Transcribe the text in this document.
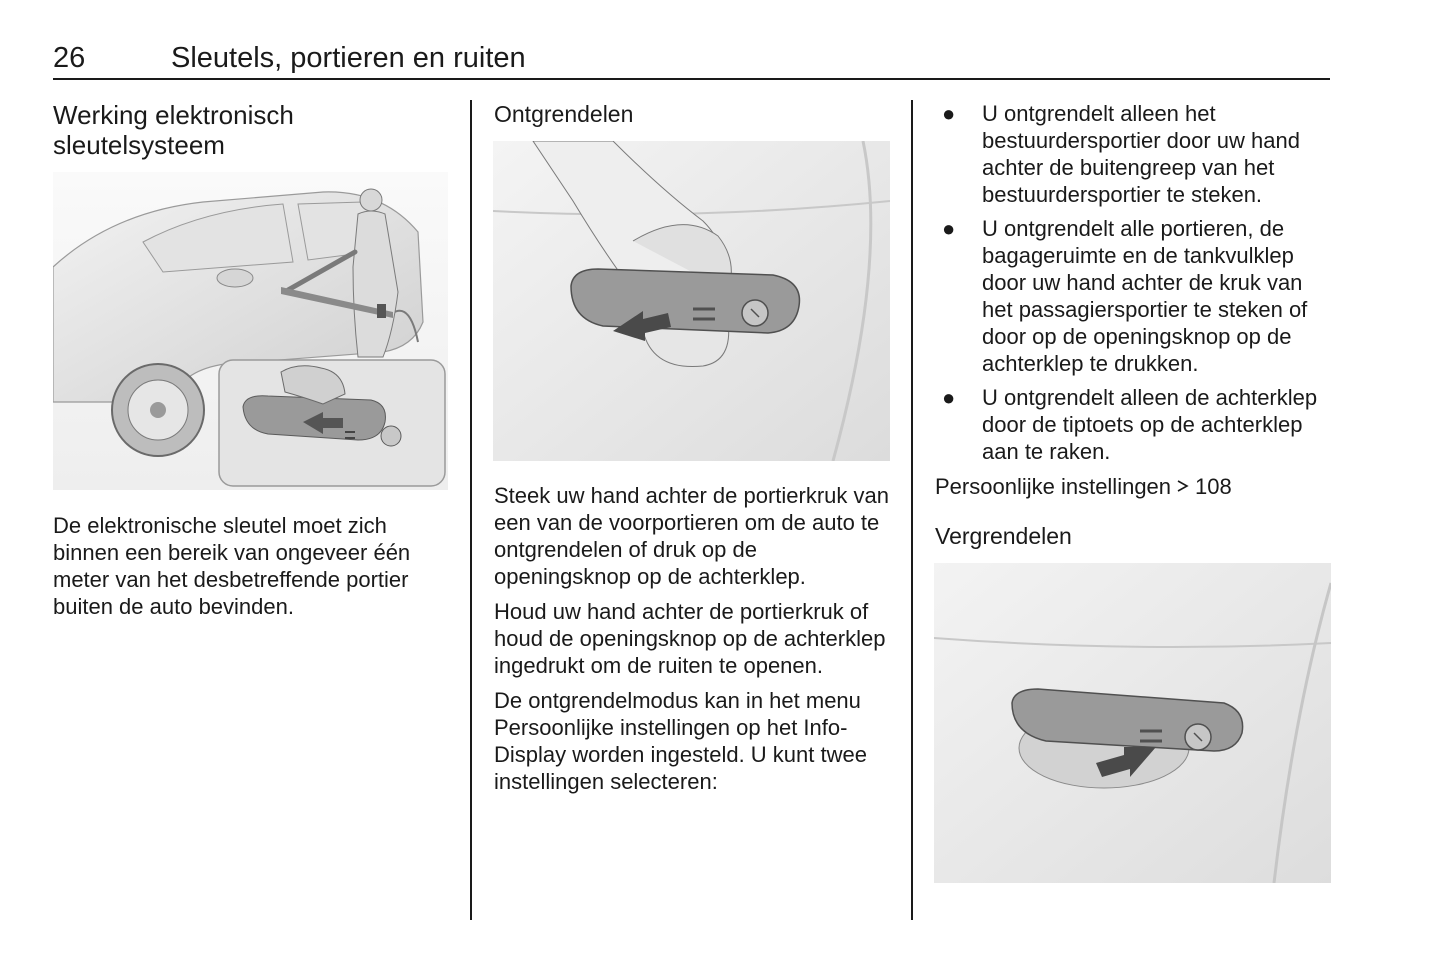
26	Sleutels, portieren en ruiten
Werking elektronisch sleutelsysteem

De elektronische sleutel moet zich binnen een bereik van ongeveer één meter van het desbetreffende portier buiten de auto bevinden.

Ontgrendelen

Steek uw hand achter de portierkruk van een van de voorportieren om de auto te ontgrendelen of druk op de openingsknop op de achterklep.

Houd uw hand achter de portierkruk of houd de openingsknop op de achterklep ingedrukt om de ruiten te openen.

De ontgrendelmodus kan in het menu Persoonlijke instellingen op het Info-Display worden ingesteld. U kunt twee instellingen selecteren:

● U ontgrendelt alleen het bestuurdersportier door uw hand achter de buitengreep van het bestuurdersportier te steken.
● U ontgrendelt alle portieren, de bagageruimte en de tankvulklep door uw hand achter de kruk van het passagiersportier te steken of door op de openingsknop op de achterklep te drukken.
● U ontgrendelt alleen de achterklep door de tiptoets op de achterklep aan te raken.

Persoonlijke instellingen 108

Vergrendelen
